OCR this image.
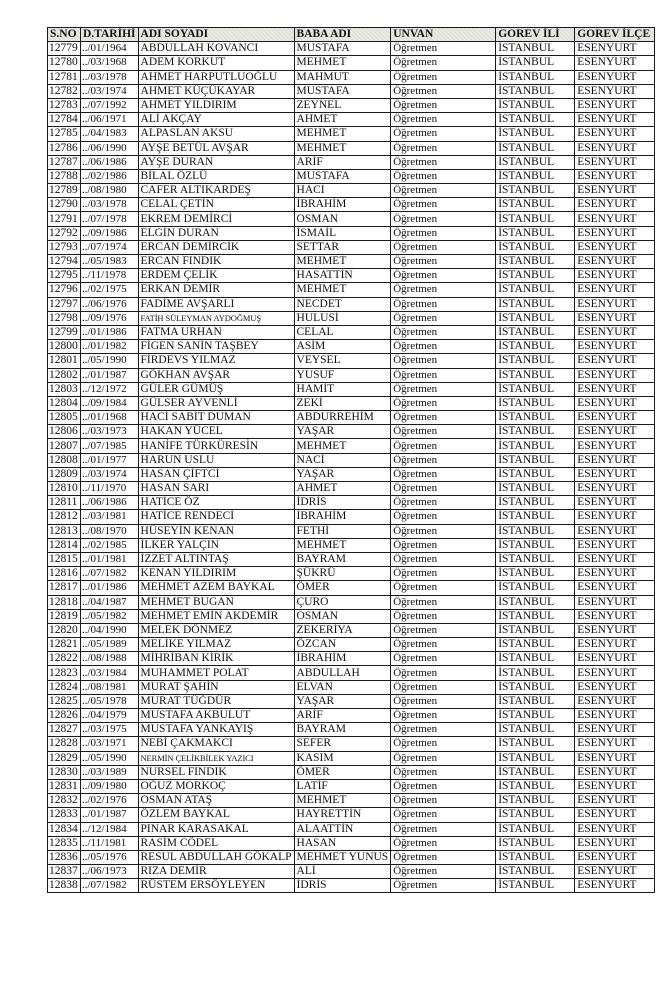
S.NO	D.TARİHİ	ADI SOYADI	BABA ADI	UNVAN	GOREV İLİ	GOREV İLÇE
12779	../01/1964	ABDULLAH KOVANCI	MUSTAFA	Öğretmen	İSTANBUL	ESENYURT
12780	../03/1968	ADEM KORKUT	MEHMET	Öğretmen	İSTANBUL	ESENYURT
12781	../03/1978	AHMET HARPUTLUOĞLU	MAHMUT	Öğretmen	İSTANBUL	ESENYURT
12782	../03/1974	AHMET KÜÇÜKAYAR	MUSTAFA	Öğretmen	İSTANBUL	ESENYURT
12783	../07/1992	AHMET YILDIRIM	ZEYNEL	Öğretmen	İSTANBUL	ESENYURT
12784	../06/1971	ALİ AKÇAY	AHMET	Öğretmen	İSTANBUL	ESENYURT
12785	../04/1983	ALPASLAN AKSU	MEHMET	Öğretmen	İSTANBUL	ESENYURT
12786	../06/1990	AYŞE BETÜL AVŞAR	MEHMET	Öğretmen	İSTANBUL	ESENYURT
12787	../06/1986	AYŞE DURAN	ARİF	Öğretmen	İSTANBUL	ESENYURT
12788	../02/1986	BİLAL ÖZLÜ	MUSTAFA	Öğretmen	İSTANBUL	ESENYURT
12789	../08/1980	CAFER ALTIKARDEŞ	HACI	Öğretmen	İSTANBUL	ESENYURT
12790	../03/1978	CELAL ÇETİN	İBRAHİM	Öğretmen	İSTANBUL	ESENYURT
12791	../07/1978	EKREM DEMİRCİ	OSMAN	Öğretmen	İSTANBUL	ESENYURT
12792	../09/1986	ELGİN DURAN	İSMAİL	Öğretmen	İSTANBUL	ESENYURT
12793	../07/1974	ERCAN DEMİRCİK	SETTAR	Öğretmen	İSTANBUL	ESENYURT
12794	../05/1983	ERCAN FINDIK	MEHMET	Öğretmen	İSTANBUL	ESENYURT
12795	../11/1978	ERDEM ÇELİK	HASATTİN	Öğretmen	İSTANBUL	ESENYURT
12796	../02/1975	ERKAN DEMİR	MEHMET	Öğretmen	İSTANBUL	ESENYURT
12797	../06/1976	FADİME AVŞARLI	NECDET	Öğretmen	İSTANBUL	ESENYURT
12798	../09/1976	FATİH SÜLEYMAN AYDOĞMUŞ	HULUSİ	Öğretmen	İSTANBUL	ESENYURT
12799	../01/1986	FATMA URHAN	CELAL	Öğretmen	İSTANBUL	ESENYURT
12800	../01/1982	FİGEN SANİN TAŞBEY	ASİM	Öğretmen	İSTANBUL	ESENYURT
12801	../05/1990	FİRDEVS YILMAZ	VEYSEL	Öğretmen	İSTANBUL	ESENYURT
12802	../01/1987	GÖKHAN AVŞAR	YUSUF	Öğretmen	İSTANBUL	ESENYURT
12803	../12/1972	GÜLER GÜMÜŞ	HAMİT	Öğretmen	İSTANBUL	ESENYURT
12804	../09/1984	GÜLSER AYVENLİ	ZEKİ	Öğretmen	İSTANBUL	ESENYURT
12805	../01/1968	HACİ SABİT DUMAN	ABDURREHİM	Öğretmen	İSTANBUL	ESENYURT
12806	../03/1973	HAKAN YÜCEL	YAŞAR	Öğretmen	İSTANBUL	ESENYURT
12807	../07/1985	HANİFE TÜRKÜRESİN	MEHMET	Öğretmen	İSTANBUL	ESENYURT
12808	../01/1977	HARUN USLU	NACİ	Öğretmen	İSTANBUL	ESENYURT
12809	../03/1974	HASAN ÇİFTCİ	YAŞAR	Öğretmen	İSTANBUL	ESENYURT
12810	../11/1970	HASAN SARI	AHMET	Öğretmen	İSTANBUL	ESENYURT
12811	../06/1986	HATİCE ÖZ	İDRİS	Öğretmen	İSTANBUL	ESENYURT
12812	../03/1981	HATİCE RENDECİ	İBRAHİM	Öğretmen	İSTANBUL	ESENYURT
12813	../08/1970	HÜSEYİN KENAN	FETHİ	Öğretmen	İSTANBUL	ESENYURT
12814	../02/1985	İLKER YALÇIN	MEHMET	Öğretmen	İSTANBUL	ESENYURT
12815	../01/1981	İZZET ALTINTAŞ	BAYRAM	Öğretmen	İSTANBUL	ESENYURT
12816	../07/1982	KENAN YILDIRIM	ŞÜKRÜ	Öğretmen	İSTANBUL	ESENYURT
12817	../01/1986	MEHMET AZEM BAYKAL	ÖMER	Öğretmen	İSTANBUL	ESENYURT
12818	../04/1987	MEHMET BUGAN	ÇURO	Öğretmen	İSTANBUL	ESENYURT
12819	../05/1982	MEHMET EMİN AKDEMİR	OSMAN	Öğretmen	İSTANBUL	ESENYURT
12820	../04/1990	MELEK DÖNMEZ	ZEKERİYA	Öğretmen	İSTANBUL	ESENYURT
12821	../05/1989	MELİKE YILMAZ	ÖZCAN	Öğretmen	İSTANBUL	ESENYURT
12822	../08/1988	MİHRİBAN KİRİK	İBRAHİM	Öğretmen	İSTANBUL	ESENYURT
12823	../03/1984	MUHAMMET POLAT	ABDULLAH	Öğretmen	İSTANBUL	ESENYURT
12824	../08/1981	MURAT ŞAHİN	ELVAN	Öğretmen	İSTANBUL	ESENYURT
12825	../05/1978	MURAT TÜĞDÜR	YAŞAR	Öğretmen	İSTANBUL	ESENYURT
12826	../04/1979	MUSTAFA AKBULUT	ARİF	Öğretmen	İSTANBUL	ESENYURT
12827	../03/1975	MUSTAFA YANKAYIŞ	BAYRAM	Öğretmen	İSTANBUL	ESENYURT
12828	../03/1971	NEBİ ÇAKMAKCI	SEFER	Öğretmen	İSTANBUL	ESENYURT
12829	../05/1990	NERMİN ÇELİKBİLEK YAZICI	KASIM	Öğretmen	İSTANBUL	ESENYURT
12830	../03/1989	NURSEL FINDIK	ÖMER	Öğretmen	İSTANBUL	ESENYURT
12831	../09/1980	OĞUZ MORKOÇ	LATİF	Öğretmen	İSTANBUL	ESENYURT
12832	../02/1976	OSMAN ATAŞ	MEHMET	Öğretmen	İSTANBUL	ESENYURT
12833	../01/1987	ÖZLEM BAYKAL	HAYRETTİN	Öğretmen	İSTANBUL	ESENYURT
12834	../12/1984	PINAR KARASAKAL	ALAATTİN	Öğretmen	İSTANBUL	ESENYURT
12835	../11/1981	RASİM CÖDEL	HASAN	Öğretmen	İSTANBUL	ESENYURT
12836	../05/1976	RESUL ABDULLAH GÖKALP	MEHMET YUNUS	Öğretmen	İSTANBUL	ESENYURT
12837	../06/1973	RIZA DEMİR	ALİ	Öğretmen	İSTANBUL	ESENYURT
12838	../07/1982	RÜSTEM ERSÖYLEYEN	İDRİS	Öğretmen	İSTANBUL	ESENYURT
